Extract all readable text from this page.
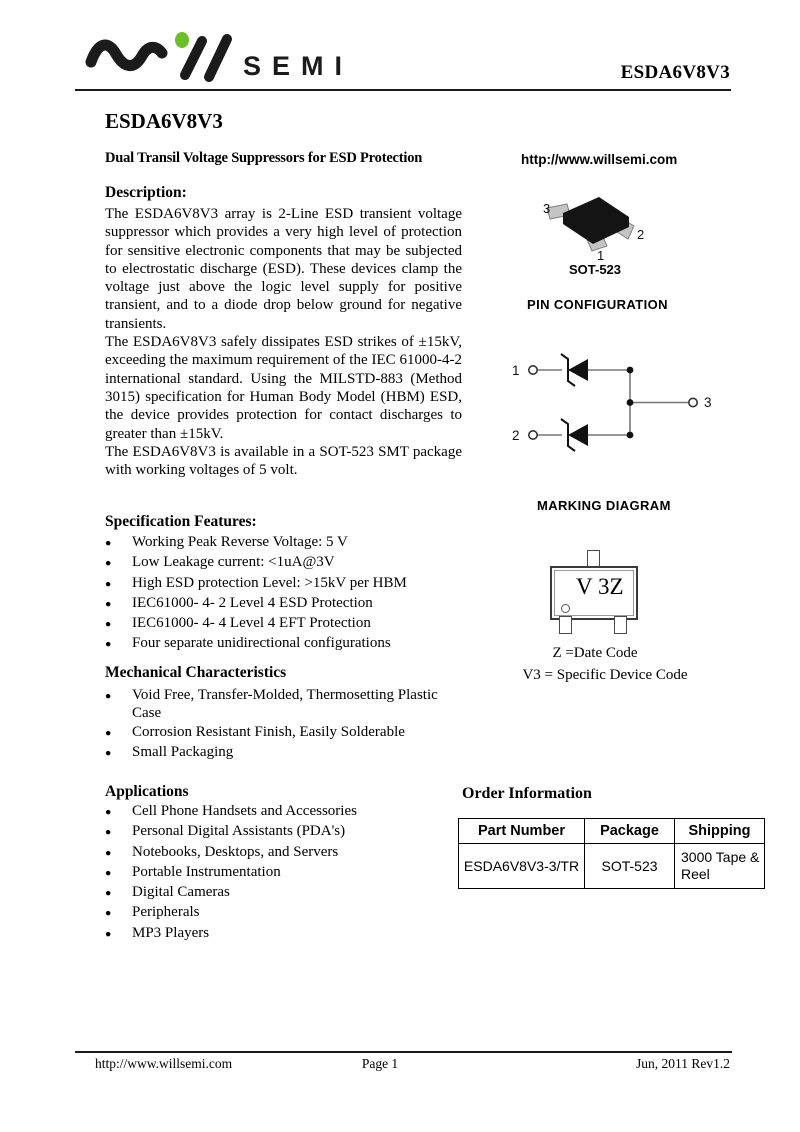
SEMI	ESDA6V8V3
ESDA6V8V3
Dual Transil Voltage Suppressors for ESD Protection	http://www.willsemi.com
Description:

The ESDA6V8V3 array is 2-Line ESD transient voltage suppressor which provides a very high level of protection for sensitive electronic components that may be subjected to electrostatic discharge (ESD). These devices clamp the voltage just above the logic level supply for positive transient, and to a diode drop below ground for negative transients.

The ESDA6V8V3 safely dissipates ESD strikes of ±15kV, exceeding the maximum requirement of the IEC 61000-4-2 international standard. Using the MILSTD-883 (Method 3015) specification for Human Body Model (HBM) ESD, the device provides protection for contact discharges to greater than ±15kV.

The ESDA6V8V3 is available in a SOT-523 SMT package with working voltages of 5 volt.

Specification Features:
●	Working Peak Reverse Voltage: 5 V
●	Low Leakage current: <1uA@3V
●	High ESD protection Level: >15kV per HBM
●	IEC61000- 4- 2 Level 4 ESD Protection
●	IEC61000- 4- 4 Level 4 EFT Protection
●	Four separate unidirectional configurations
Mechanical Characteristics
●	Void Free, Transfer-Molded, Thermosetting Plastic Case
●	Corrosion Resistant Finish, Easily Solderable
●	Small Packaging
Applications
●	Cell Phone Handsets and Accessories
●	Personal Digital Assistants (PDA's)
●	Notebooks, Desktops, and Servers
●	Portable Instrumentation
●	Digital Cameras
●	Peripherals
●	MP3 Players
3
2
1
SOT-523
PIN CONFIGURATION
1
2
3
MARKING DIAGRAM
V 3Z
Z =Date Code
V3 = Specific Device Code
Order Information
Part Number	Package	Shipping
ESDA6V8V3-3/TR	SOT-523	3000 Tape & Reel
Page 1
http://www.willsemi.com	Jun, 2011 Rev1.2
